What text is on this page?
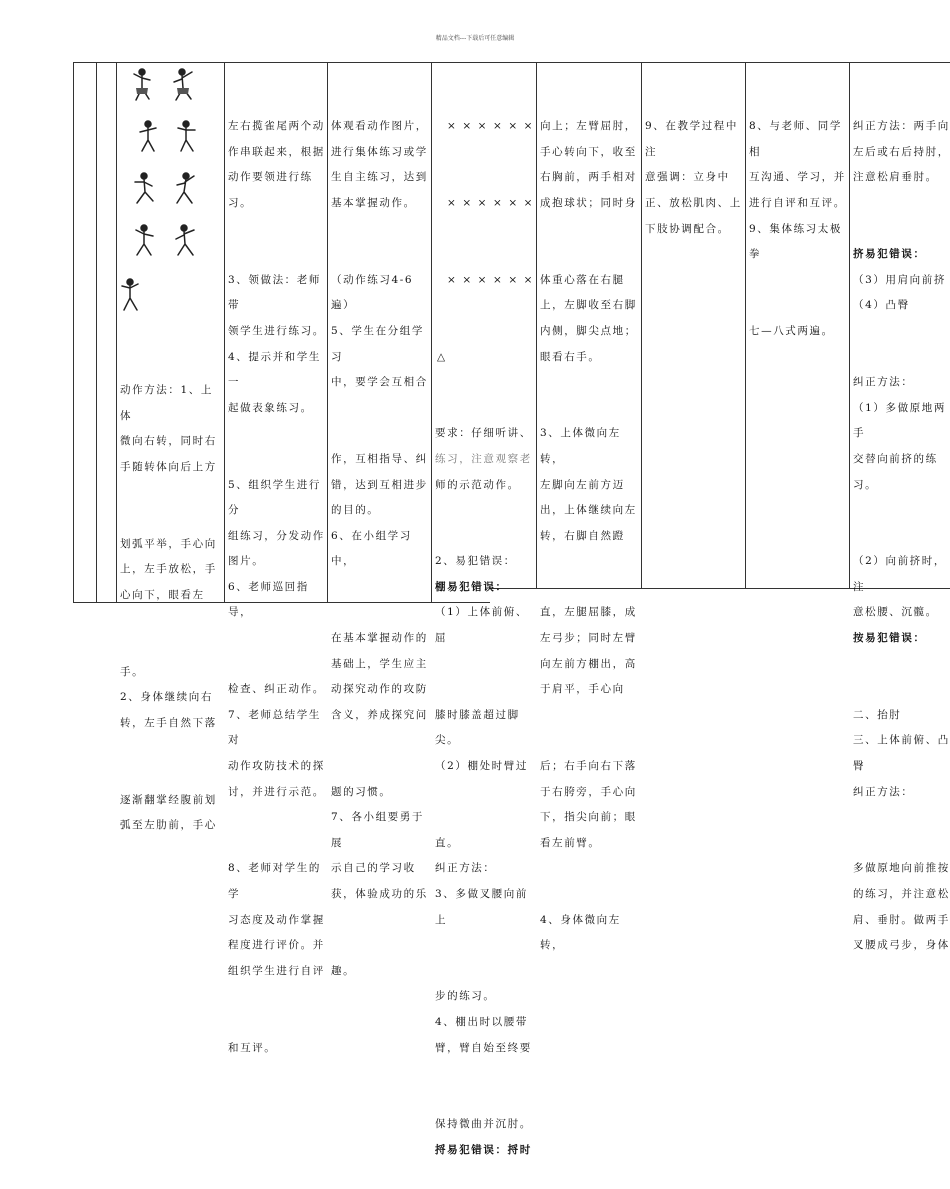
精品文档---下载后可任意编辑

动作方法：1、上体

微向右转，同时右

手随转体向后上方

划弧平举，手心向

上，左手放松，手

心向下，眼看左

手。

2、身体继续向右

转，左手自然下落

逐渐翻掌经腹前划

弧至左肋前，手心

左右揽雀尾两个动

作串联起来，根据

动作要领进行练

习。

3、领做法：老师带

领学生进行练习。

4、提示并和学生一

起做表象练习。

5、组织学生进行分

组练习，分发动作

图片。

6、老师巡回指导，

检查、纠正动作。

7、老师总结学生对

动作攻防技术的探

讨，并进行示范。

8、老师对学生的学

习态度及动作掌握

程度进行评价。并

组织学生进行自评

和互评。

体观看动作图片，

进行集体练习或学

生自主练习，达到

基本掌握动作。

（动作练习4-6

遍）

5、学生在分组学习

中，要学会互相合

作，互相指导、纠

错，达到互相进步

的目的。

6、在小组学习中，

在基本掌握动作的

基础上，学生应主

动探究动作的攻防

含义，养成探究问

题的习惯。

7、各小组要勇于展

示自己的学习收

获，体验成功的乐

趣。

× × × × × ×

× × × × × ×

× × × × × ×

△

要求：仔细听讲、

练习，注意观察老

师的示范动作。

2、易犯错误：

棚易犯错误：

（1）上体前俯、屈

膝时膝盖超过脚

尖。

（2）棚处时臂过

直。

纠正方法：

3、多做叉腰向前上

步的练习。

4、棚出时以腰带

臂，臂自始至终要

保持微曲并沉肘。

捋易犯错误：捋时

向上；左臂屈肘，

手心转向下，收至

右胸前，两手相对

成抱球状；同时身

体重心落在右腿

上，左脚收至右脚

内侧，脚尖点地；

眼看右手。

3、上体微向左转，

左脚向左前方迈

出，上体继续向左

转，右脚自然蹬

直，左腿屈膝，成

左弓步；同时左臂

向左前方棚出，高

于肩平，手心向

后；右手向右下落

于右胯旁，手心向

下，指尖向前；眼

看左前臂。

4、身体微向左转，

9、在教学过程中注

意强调：立身中

正、放松肌肉、上

下肢协调配合。

8、与老师、同学相

互沟通、学习，并

进行自评和互评。

9、集体练习太极拳

七—八式两遍。

纠正方法：两手向

左后或右后持肘，

注意松肩垂肘。

挤易犯错误：

（3）用肩向前挤

（4）凸臀

纠正方法：

（1）多做原地两手

交替向前挤的练

习。

（2）向前挤时，注

意松腰、沉髋。

按易犯错误：

二、抬肘

三、上体前俯、凸

臀

纠正方法：

多做原地向前推按

的练习，并注意松

肩、垂肘。做两手

叉腰成弓步，身体
